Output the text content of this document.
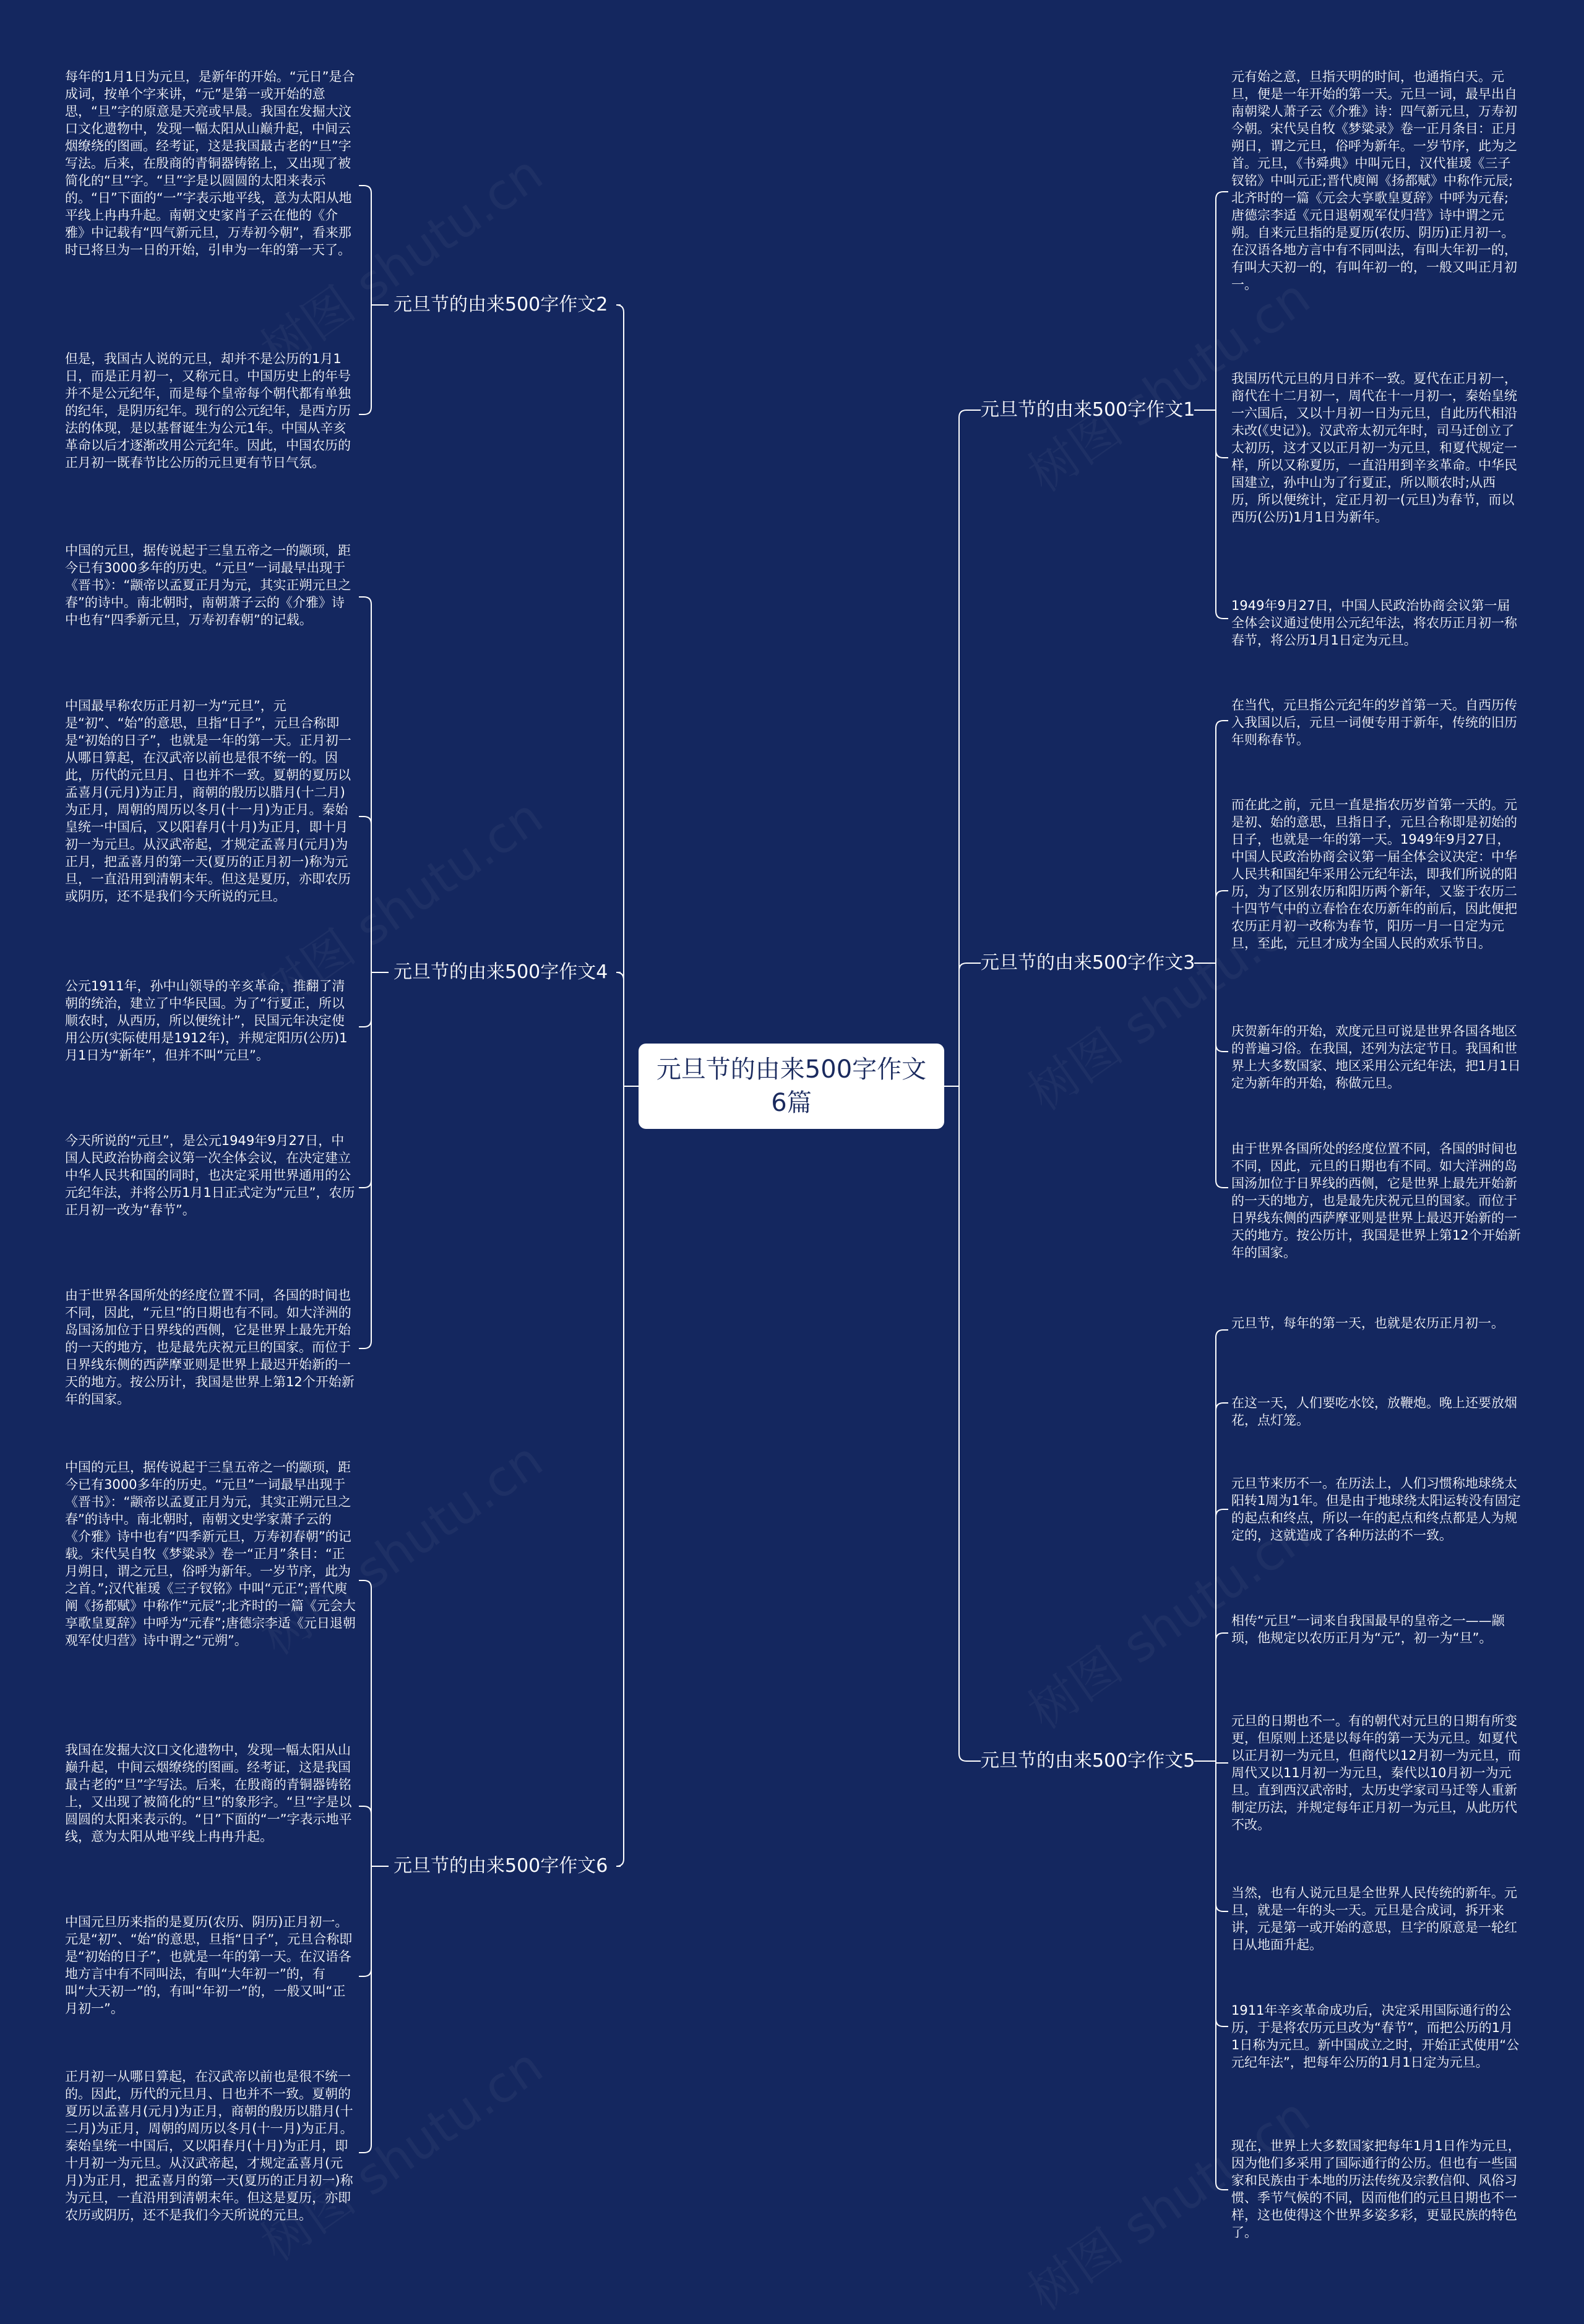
元旦节的由来500字作文6篇
元旦节的由来500字作文1
元旦节的由来500字作文3
元旦节的由来500字作文5
元旦节的由来500字作文2
元旦节的由来500字作文4
元旦节的由来500字作文6

元有始之意，旦指天明的时间，也通指白天。元旦，便是一年开始的第一天。元旦一词，最早出自南朝梁人萧子云《介雅》诗：四气新元旦，万寿初今朝。宋代吴自牧《梦粱录》卷一正月条目：正月朔日，谓之元旦，俗呼为新年。一岁节序，此为之首。元旦，《书舜典》中叫元日，汉代崔瑗《三子钗铭》中叫元正;晋代庾阐《扬都赋》中称作元辰;北齐时的一篇《元会大享歌皇夏辞》中呼为元春;唐德宗李适《元日退朝观军仗归营》诗中谓之元朔。自来元旦指的是夏历(农历、阴历)正月初一。在汉语各地方言中有不同叫法，有叫大年初一的，有叫大天初一的，有叫年初一的，一般又叫正月初一。

我国历代元旦的月日并不一致。夏代在正月初一，商代在十二月初一，周代在十一月初一，秦始皇统一六国后，又以十月初一日为元旦，自此历代相沿未改(《史记》)。汉武帝太初元年时，司马迁创立了太初历，这才又以正月初一为元旦，和夏代规定一样，所以又称夏历，一直沿用到辛亥革命。中华民国建立，孙中山为了行夏正，所以顺农时;从西历，所以便统计，定正月初一(元旦)为春节，而以西历(公历)1月1日为新年。

1949年9月27日，中国人民政治协商会议第一届全体会议通过使用公元纪年法，将农历正月初一称春节，将公历1月1日定为元旦。

在当代，元旦指公元纪年的岁首第一天。自西历传入我国以后，元旦一词便专用于新年，传统的旧历年则称春节。

而在此之前，元旦一直是指农历岁首第一天的。元是初、始的意思，旦指日子，元旦合称即是初始的日子，也就是一年的第一天。1949年9月27日，中国人民政治协商会议第一届全体会议决定：中华人民共和国纪年采用公元纪年法，即我们所说的阳历，为了区别农历和阳历两个新年，又鉴于农历二十四节气中的立春恰在农历新年的前后，因此便把农历正月初一改称为春节，阳历一月一日定为元旦，至此，元旦才成为全国人民的欢乐节日。

庆贺新年的开始，欢度元旦可说是世界各国各地区的普遍习俗。在我国，还列为法定节日。我国和世界上大多数国家、地区采用公元纪年法，把1月1日定为新年的开始，称做元旦。

由于世界各国所处的经度位置不同，各国的时间也不同，因此，元旦的日期也有不同。如大洋洲的岛国汤加位于日界线的西侧，它是世界上最先开始新的一天的地方，也是最先庆祝元旦的国家。而位于日界线东侧的西萨摩亚则是世界上最迟开始新的一天的地方。按公历计，我国是世界上第12个开始新年的国家。

元旦节，每年的第一天，也就是农历正月初一。

在这一天，人们要吃水饺，放鞭炮。晚上还要放烟花，点灯笼。

元旦节来历不一。在历法上，人们习惯称地球绕太阳转1周为1年。但是由于地球绕太阳运转没有固定的起点和终点，所以一年的起点和终点都是人为规定的，这就造成了各种历法的不一致。

相传“元旦”一词来自我国最早的皇帝之一——颛顼，他规定以农历正月为“元”，初一为“旦”。

元旦的日期也不一。有的朝代对元旦的日期有所变更，但原则上还是以每年的第一天为元旦。如夏代以正月初一为元旦，但商代以12月初一为元旦，而周代又以11月初一为元旦，秦代以10月初一为元旦。直到西汉武帝时，太历史学家司马迁等人重新制定历法，并规定每年正月初一为元旦，从此历代不改。

当然，也有人说元旦是全世界人民传统的新年。元旦，就是一年的头一天。元旦是合成词，拆开来讲，元是第一或开始的意思，旦字的原意是一轮红日从地面升起。

1911年辛亥革命成功后，决定采用国际通行的公历，于是将农历元旦改为“春节”，而把公历的1月1日称为元旦。新中国成立之时，开始正式使用“公元纪年法”，把每年公历的1月1日定为元旦。

现在，世界上大多数国家把每年1月1日作为元旦，因为他们多采用了国际通行的公历。但也有一些国家和民族由于本地的历法传统及宗教信仰、风俗习惯、季节气候的不同，因而他们的元旦日期也不一样，这也使得这个世界多姿多彩，更显民族的特色了。

每年的1月1日为元旦，是新年的开始。“元日”是合成词，按单个字来讲，“元”是第一或开始的意思，“旦”字的原意是天亮或早晨。我国在发掘大汶口文化遗物中，发现一幅太阳从山巅升起，中间云烟缭绕的图画。经考证，这是我国最古老的“旦”字写法。后来，在殷商的青铜器铸铭上，又出现了被简化的“旦”字。“旦”字是以圆圆的太阳来表示的。“日”下面的“一”字表示地平线，意为太阳从地平线上冉冉升起。南朝文史家肖子云在他的《介雅》中记载有“四气新元旦，万寿初今朝”，看来那时已将旦为一日的开始，引申为一年的第一天了。

但是，我国古人说的元旦，却并不是公历的1月1日，而是正月初一，又称元日。中国历史上的年号并不是公元纪年，而是每个皇帝每个朝代都有单独的纪年，是阴历纪年。现行的公元纪年，是西方历法的体现，是以基督诞生为公元1年。中国从辛亥革命以后才逐渐改用公元纪年。因此，中国农历的正月初一既春节比公历的元旦更有节日气氛。

中国的元旦，据传说起于三皇五帝之一的颛顼，距今已有3000多年的历史。“元旦”一词最早出现于《晋书》：“颛帝以孟夏正月为元，其实正朔元旦之春”的诗中。南北朝时，南朝萧子云的《介雅》诗中也有“四季新元旦，万寿初春朝”的记载。

中国最早称农历正月初一为“元旦”，元是“初”、“始”的意思，旦指“日子”，元旦合称即是“初始的日子”，也就是一年的第一天。正月初一从哪日算起，在汉武帝以前也是很不统一的。因此，历代的元旦月、日也并不一致。夏朝的夏历以孟喜月(元月)为正月，商朝的殷历以腊月(十二月)为正月，周朝的周历以冬月(十一月)为正月。秦始皇统一中国后，又以阳春月(十月)为正月，即十月初一为元旦。从汉武帝起，才规定孟喜月(元月)为正月，把孟喜月的第一天(夏历的正月初一)称为元旦，一直沿用到清朝末年。但这是夏历，亦即农历或阴历，还不是我们今天所说的元旦。

公元1911年，孙中山领导的辛亥革命，推翻了清朝的统治，建立了中华民国。为了“行夏正，所以顺农时，从西历，所以便统计”，民国元年决定使用公历(实际使用是1912年)，并规定阳历(公历)1月1日为“新年”，但并不叫“元旦”。

今天所说的“元旦”，是公元1949年9月27日，中国人民政治协商会议第一次全体会议，在决定建立中华人民共和国的同时，也决定采用世界通用的公元纪年法，并将公历1月1日正式定为“元旦”，农历正月初一改为“春节”。

由于世界各国所处的经度位置不同，各国的时间也不同，因此，“元旦”的日期也有不同。如大洋洲的岛国汤加位于日界线的西侧，它是世界上最先开始的一天的地方，也是最先庆祝元旦的国家。而位于日界线东侧的西萨摩亚则是世界上最迟开始新的一天的地方。按公历计，我国是世界上第12个开始新年的国家。

中国的元旦，据传说起于三皇五帝之一的颛顼，距今已有3000多年的历史。“元旦”一词最早出现于《晋书》：“颛帝以孟夏正月为元，其实正朔元旦之春”的诗中。南北朝时，南朝文史学家萧子云的《介雅》诗中也有“四季新元旦，万寿初春朝”的记载。宋代吴自牧《梦粱录》卷一“正月”条目：“正月朔日，谓之元旦，俗呼为新年。一岁节序，此为之首。”;汉代崔瑗《三子钗铭》中叫“元正”;晋代庾阐《扬都赋》中称作“元辰”;北齐时的一篇《元会大享歌皇夏辞》中呼为“元春”;唐德宗李适《元日退朝观军仗归营》诗中谓之“元朔”。

我国在发掘大汶口文化遗物中，发现一幅太阳从山巅升起，中间云烟缭绕的图画。经考证，这是我国最古老的“旦”字写法。后来，在殷商的青铜器铸铭上，又出现了被简化的“旦”的象形字。“旦”字是以圆圆的太阳来表示的。“日”下面的“一”字表示地平线，意为太阳从地平线上冉冉升起。

中国元旦历来指的是夏历(农历、阴历)正月初一。元是“初”、“始”的意思，旦指“日子”，元旦合称即是“初始的日子”，也就是一年的第一天。在汉语各地方言中有不同叫法，有叫“大年初一”的，有叫“大天初一”的，有叫“年初一”的，一般又叫“正月初一”。

正月初一从哪日算起，在汉武帝以前也是很不统一的。因此，历代的元旦月、日也并不一致。夏朝的夏历以孟喜月(元月)为正月，商朝的殷历以腊月(十二月)为正月，周朝的周历以冬月(十一月)为正月。秦始皇统一中国后，又以阳春月(十月)为正月，即十月初一为元旦。从汉武帝起，才规定孟喜月(元月)为正月，把孟喜月的第一天(夏历的正月初一)称为元旦，一直沿用到清朝末年。但这是夏历，亦即农历或阴历，还不是我们今天所说的元旦。
